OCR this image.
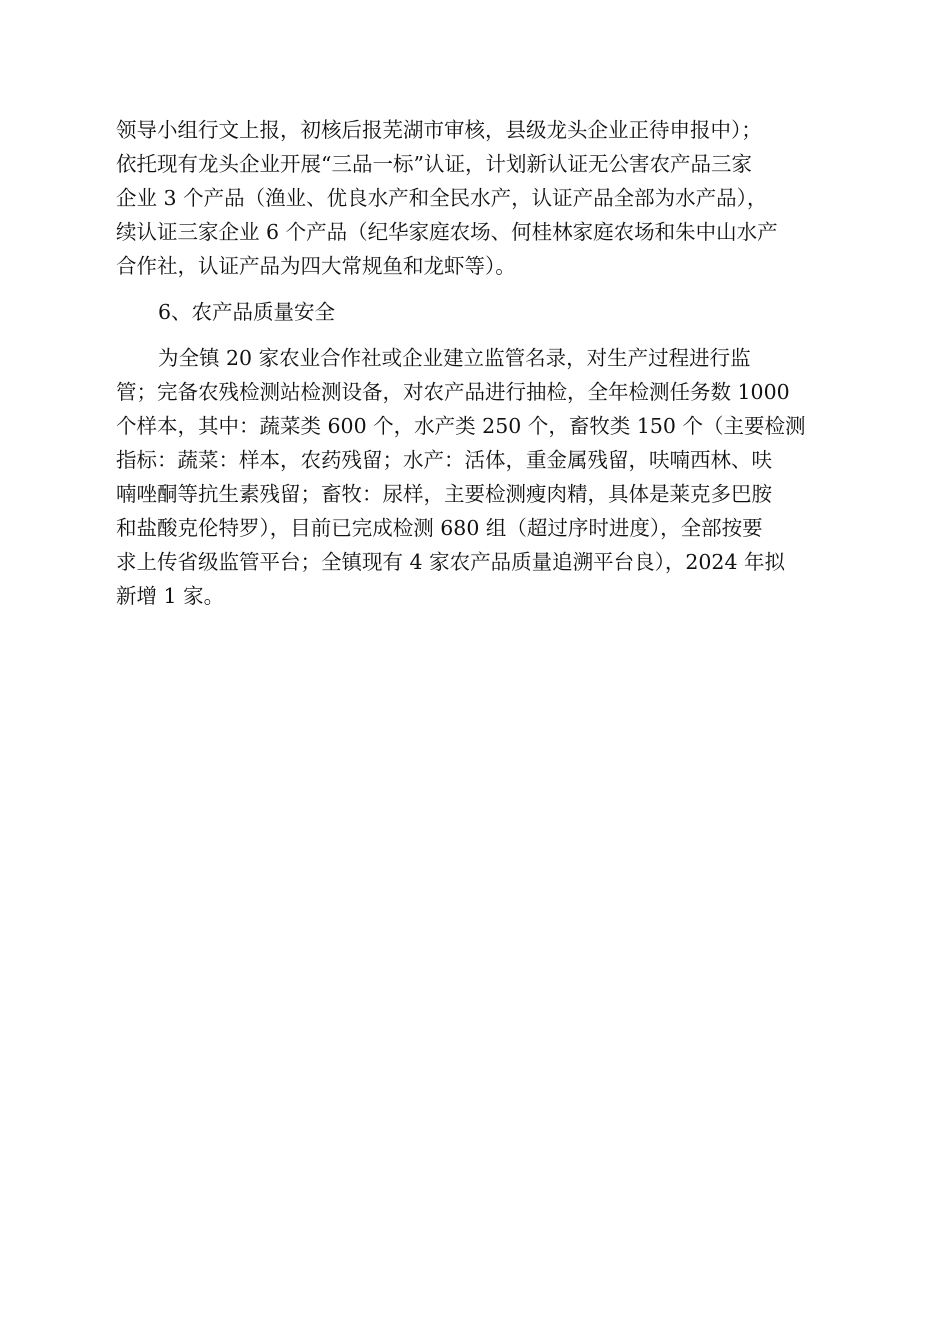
领导小组行文上报，初核后报芜湖市审核，县级龙头企业正待申报中）；
依托现有龙头企业开展“三品一标”认证，计划新认证无公害农产品三家
企业 3 个产品（渔业、优良水产和全民水产，认证产品全部为水产品），
续认证三家企业 6 个产品（纪华家庭农场、何桂林家庭农场和朱中山水产
合作社，认证产品为四大常规鱼和龙虾等）。
6、农产品质量安全
为全镇 20 家农业合作社或企业建立监管名录，对生产过程进行监
管；完备农残检测站检测设备，对农产品进行抽检，全年检测任务数 1000
个样本，其中：蔬菜类 600 个，水产类 250 个，畜牧类 150 个（主要检测
指标：蔬菜：样本，农药残留；水产：活体，重金属残留，呋喃西林、呋
喃唑酮等抗生素残留；畜牧：尿样，主要检测瘦肉精，具体是莱克多巴胺
和盐酸克伦特罗），目前已完成检测 680 组（超过序时进度），全部按要
求上传省级监管平台；全镇现有 4 家农产品质量追溯平台良），2024 年拟
新增 1 家。
